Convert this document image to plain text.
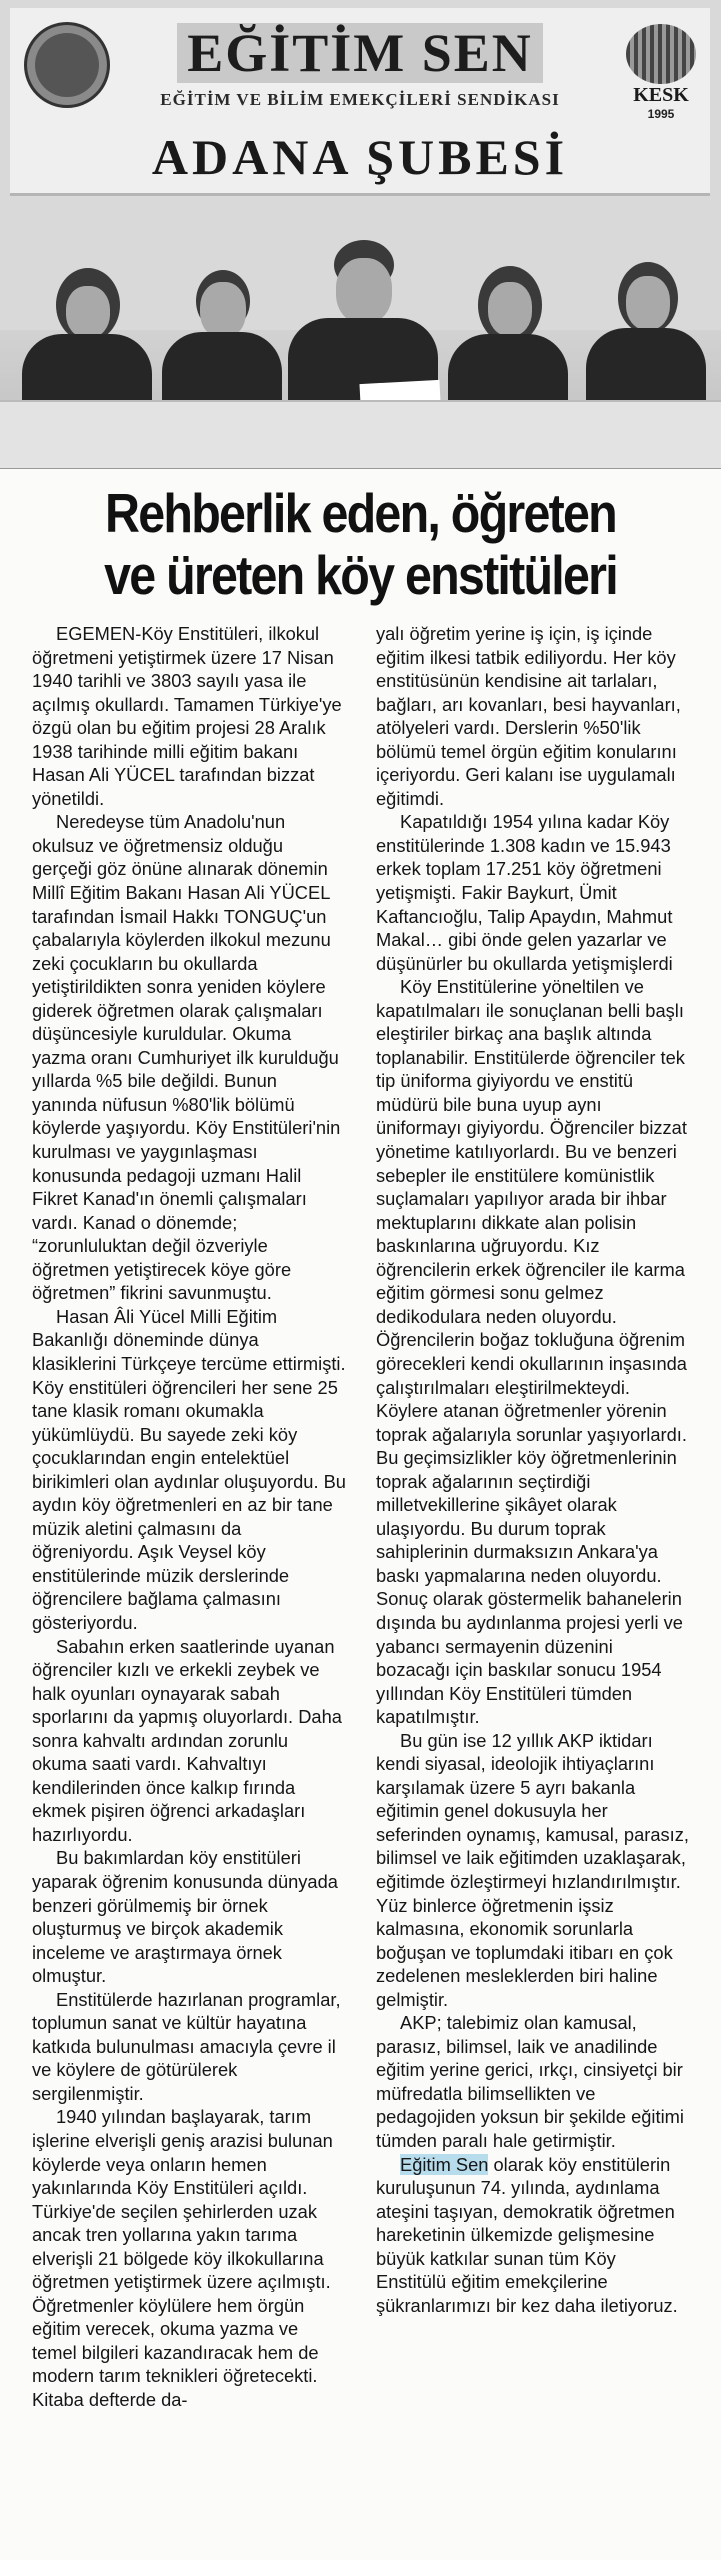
EĞİTİM SEN
EĞİTİM VE BİLİM EMEKÇİLERİ SENDİKASI
ADANA ŞUBESİ
KESK
1995
Rehberlik eden, öğreten
ve üreten köy enstitüleri

EGEMEN-Köy Enstitüleri, ilkokul öğretmeni yetiştirmek üzere 17 Nisan 1940 tarihli ve 3803 sayılı yasa ile açılmış okullardı. Tamamen Türkiye'ye özgü olan bu eğitim projesi 28 Aralık 1938 tarihinde milli eğitim bakanı Hasan Ali YÜCEL tarafından bizzat yönetildi.

Neredeyse tüm Anadolu'nun okulsuz ve öğretmensiz olduğu gerçeği göz önüne alınarak dönemin Millî Eğitim Bakanı Hasan Ali YÜCEL tarafından İsmail Hakkı TONGUÇ'un çabalarıyla köylerden ilkokul mezunu zeki çocukların bu okullarda yetiştirildikten sonra yeniden köylere giderek öğretmen olarak çalışmaları düşüncesiyle kuruldular. Okuma yazma oranı Cumhuriyet ilk kurulduğu yıllarda %5 bile değildi. Bunun yanında nüfusun %80'lik bölümü köylerde yaşıyordu. Köy Enstitüleri'nin kurulması ve yaygınlaşması konusunda pedagoji uzmanı Halil Fikret Kanad'ın önemli çalışmaları vardı. Kanad o dönemde; “zorunluluktan değil özveriyle öğretmen yetiştirecek köye göre öğretmen” fikrini savunmuştu.

Hasan Âli Yücel Milli Eğitim Bakanlığı döneminde dünya klasiklerini Türkçeye tercüme ettirmişti. Köy enstitüleri öğrencileri her sene 25 tane klasik romanı okumakla yükümlüydü. Bu sayede zeki köy çocuklarından engin entelektüel birikimleri olan aydınlar oluşuyordu. Bu aydın köy öğretmenleri en az bir tane müzik aletini çalmasını da öğreniyordu. Aşık Veysel köy enstitülerinde müzik derslerinde öğrencilere bağlama çalmasını gösteriyordu.

Sabahın erken saatlerinde uyanan öğrenciler kızlı ve erkekli zeybek ve halk oyunları oynayarak sabah sporlarını da yapmış oluyorlardı. Daha sonra kahvaltı ardından zorunlu okuma saati vardı. Kahvaltıyı kendilerinden önce kalkıp fırında ekmek pişiren öğrenci arkadaşları hazırlıyordu.

Bu bakımlardan köy enstitüleri yaparak öğrenim konusunda dünyada benzeri görülmemiş bir örnek oluşturmuş ve birçok akademik inceleme ve araştırmaya örnek olmuştur.

Enstitülerde hazırlanan programlar, toplumun sanat ve kültür hayatına katkıda bulunulması amacıyla çevre il ve köylere de götürülerek sergilenmiştir.

1940 yılından başlayarak, tarım işlerine elverişli geniş arazisi bulunan köylerde veya onların hemen yakınlarında Köy Enstitüleri açıldı. Türkiye'de seçilen şehirlerden uzak ancak tren yollarına yakın tarıma elverişli 21 bölgede köy ilkokullarına öğretmen yetiştirmek üzere açılmıştı. Öğretmenler köylülere hem örgün eğitim verecek, okuma yazma ve temel bilgileri kazandıracak hem de modern tarım teknikleri öğretecekti. Kitaba defterde da-

yalı öğretim yerine iş için, iş içinde eğitim ilkesi tatbik ediliyordu. Her köy enstitüsünün kendisine ait tarlaları, bağları, arı kovanları, besi hayvanları, atölyeleri vardı. Derslerin %50'lik bölümü temel örgün eğitim konularını içeriyordu. Geri kalanı ise uygulamalı eğitimdi.

Kapatıldığı 1954 yılına kadar Köy enstitülerinde 1.308 kadın ve 15.943 erkek toplam 17.251 köy öğretmeni yetişmişti. Fakir Baykurt, Ümit Kaftancıoğlu, Talip Apaydın, Mahmut Makal… gibi önde gelen yazarlar ve düşünürler bu okullarda yetişmişlerdi

Köy Enstitülerine yöneltilen ve kapatılmaları ile sonuçlanan belli başlı eleştiriler birkaç ana başlık altında toplanabilir. Enstitülerde öğrenciler tek tip üniforma giyiyordu ve enstitü müdürü bile buna uyup aynı üniformayı giyiyordu. Öğrenciler bizzat yönetime katılıyorlardı. Bu ve benzeri sebepler ile enstitülere komünistlik suçlamaları yapılıyor arada bir ihbar mektuplarını dikkate alan polisin baskınlarına uğruyordu. Kız öğrencilerin erkek öğrenciler ile karma eğitim görmesi sonu gelmez dedikodulara neden oluyordu. Öğrencilerin boğaz tokluğuna öğrenim görecekleri kendi okullarının inşasında çalıştırılmaları eleştirilmekteydi. Köylere atanan öğretmenler yörenin toprak ağalarıyla sorunlar yaşıyorlardı. Bu geçimsizlikler köy öğretmenlerinin toprak ağalarının seçtirdiği milletvekillerine şikâyet olarak ulaşıyordu. Bu durum toprak sahiplerinin durmaksızın Ankara'ya baskı yapmalarına neden oluyordu. Sonuç olarak göstermelik bahanelerin dışında bu aydınlanma projesi yerli ve yabancı sermayenin düzenini bozacağı için baskılar sonucu 1954 yıllından Köy Enstitüleri tümden kapatılmıştır.

Bu gün ise 12 yıllık AKP iktidarı kendi siyasal, ideolojik ihtiyaçlarını karşılamak üzere 5 ayrı bakanla eğitimin genel dokusuyla her seferinden oynamış, kamusal, parasız, bilimsel ve laik eğitimden uzaklaşarak, eğitimde özleştirmeyi hızlandırılmıştır. Yüz binlerce öğretmenin işsiz kalmasına, ekonomik sorunlarla boğuşan ve toplumdaki itibarı en çok zedelenen mesleklerden biri haline gelmiştir.

AKP; talebimiz olan kamusal, parasız, bilimsel, laik ve anadilinde eğitim yerine gerici, ırkçı, cinsiyetçi bir müfredatla bilimsellikten ve pedagojiden yoksun bir şekilde eğitimi tümden paralı hale getirmiştir.

Eğitim Sen olarak köy enstitülerin kuruluşunun 74. yılında, aydınlama ateşini taşıyan, demokratik öğretmen hareketinin ülkemizde gelişmesine büyük katkılar sunan tüm Köy Enstitülü eğitim emekçilerine şükranlarımızı bir kez daha iletiyoruz.
